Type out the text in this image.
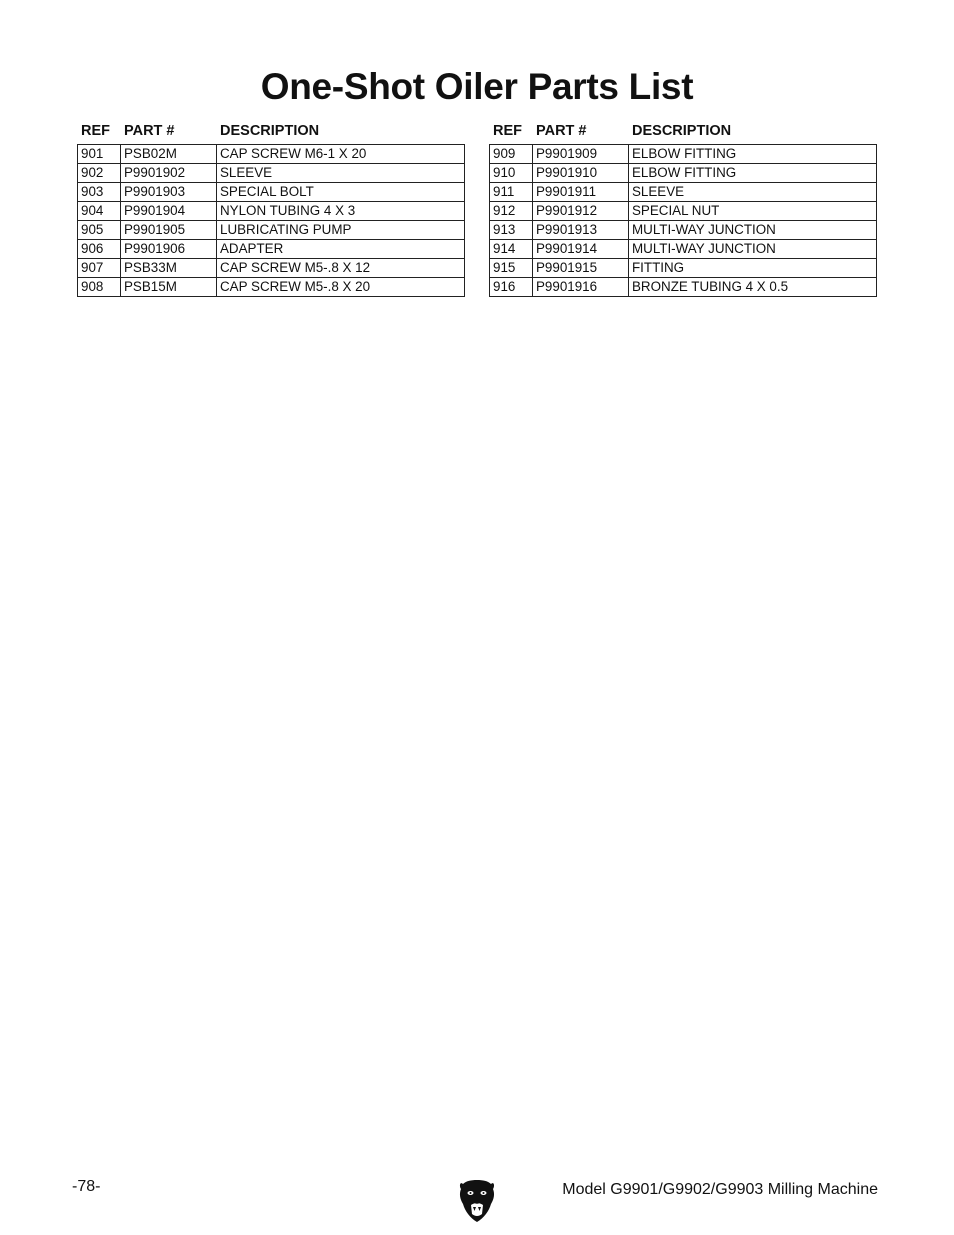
One-Shot Oiler Parts List
REF PART #	DESCRIPTION
901	PSB02M	CAP SCREW M6-1 X 20
902	P9901902	SLEEVE
903	P9901903	SPECIAL BOLT
904	P9901904	NYLON TUBING 4 X 3
905	P9901905	LUBRICATING PUMP
906	P9901906	ADAPTER
907	PSB33M	CAP SCREW M5-.8 X 12
908	PSB15M	CAP SCREW M5-.8 X 20
REF PART #	DESCRIPTION
909	P9901909	ELBOW FITTING
910	P9901910	ELBOW FITTING
911	P9901911	SLEEVE
912	P9901912	SPECIAL NUT
913	P9901913	MULTI-WAY JUNCTION
914	P9901914	MULTI-WAY JUNCTION
915	P9901915	FITTING
916	P9901916	BRONZE TUBING 4 X 0.5
-78-	Model G9901/G9902/G9903 Milling Machine
